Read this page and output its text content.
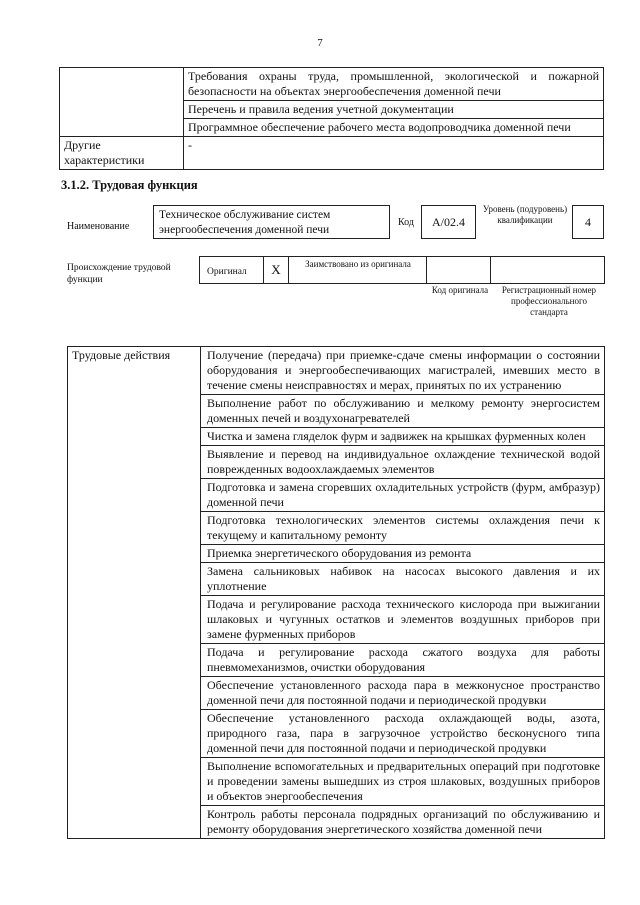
7
	Требования охраны труда, промышленной, экологической и пожарной безопасности на объектах энергообеспечения доменной печи
	Перечень и правила ведения учетной документации
	Программное обеспечение рабочего места водопроводчика доменной печи
Другие характеристики	-
3.1.2. Трудовая функция
Наименование
Техническое обслуживание систем энергообеспечения доменной печи
Код	A/02.4
Уровень (подуровень) квалификации	4
Происхождение трудовой функции
Оригинал	X	Заимствовано из оригинала
Код оригинала	Регистрационный номер профессионального стандарта
Трудовые действия	Получение (передача) при приемке-сдаче смены информации о состоянии оборудования и энергообеспечивающих магистралей, имевших место в течение смены неисправностях и мерах, принятых по их устранению
Выполнение работ по обслуживанию и мелкому ремонту энергосистем доменных печей и воздухонагревателей
Чистка и замена гляделок фурм и задвижек на крышках фурменных колен
Выявление и перевод на индивидуальное охлаждение технической водой поврежденных водоохлаждаемых элементов
Подготовка и замена сгоревших охладительных устройств (фурм, амбразур) доменной печи
Подготовка технологических элементов системы охлаждения печи к текущему и капитальному ремонту
Приемка энергетического оборудования из ремонта
Замена сальниковых набивок на насосах высокого давления и их уплотнение
Подача и регулирование расхода технического кислорода при выжигании шлаковых и чугунных остатков и элементов воздушных приборов при замене фурменных приборов
Подача и регулирование расхода сжатого воздуха для работы пневмомеханизмов, очистки оборудования
Обеспечение установленного расхода пара в межконусное пространство доменной печи для постоянной подачи и периодической продувки
Обеспечение установленного расхода охлаждающей воды, азота, природного газа, пара в загрузочное устройство бесконусного типа доменной печи для постоянной подачи и периодической продувки
Выполнение вспомогательных и предварительных операций при подготовке и проведении замены вышедших из строя шлаковых, воздушных приборов и объектов энергообеспечения
Контроль работы персонала подрядных организаций по обслуживанию и ремонту оборудования энергетического хозяйства доменной печи
